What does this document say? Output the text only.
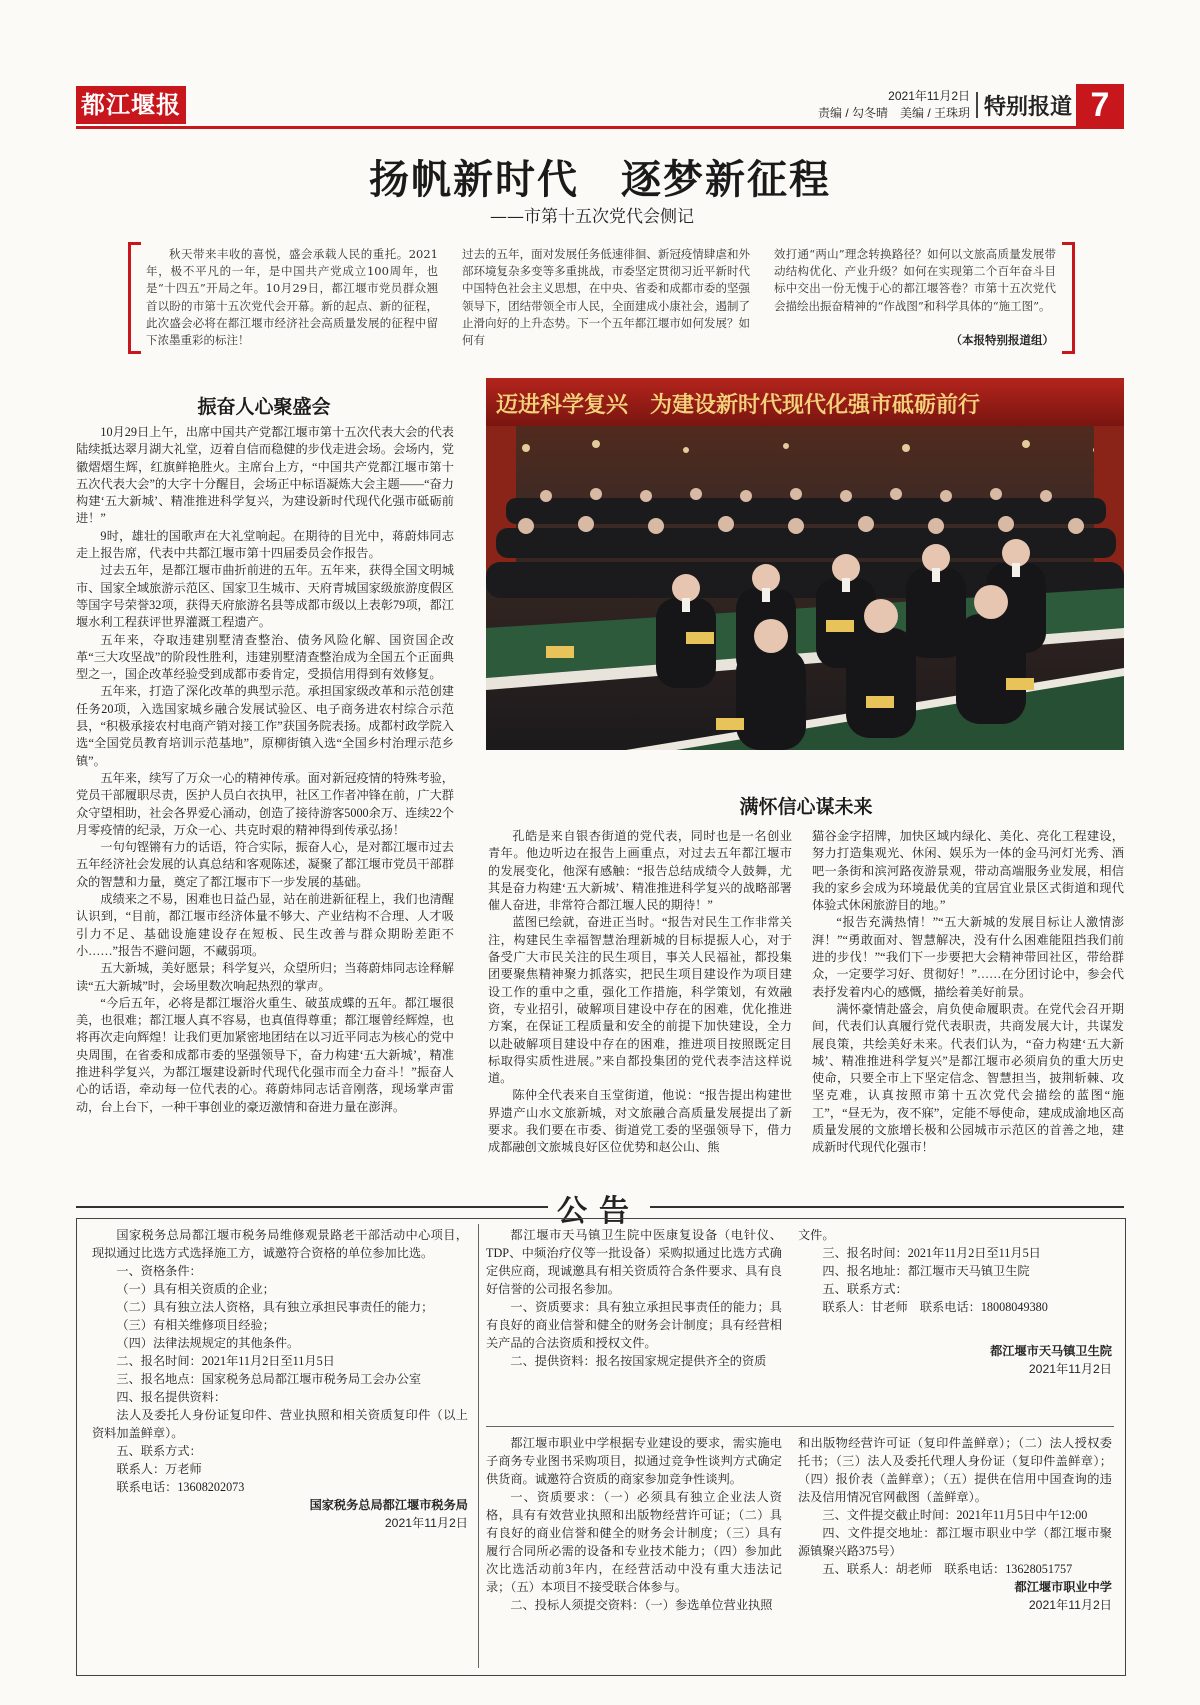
都江堰报	2021年11月2日
责编 / 勾冬晴　美编 / 王珠玥 特别报道 7
扬帆新时代　逐梦新征程
——市第十五次党代会侧记
秋天带来丰收的喜悦，盛会承载人民的重托。2021年，极不平凡的一年，是中国共产党成立100周年，也是“十四五”开局之年。10月29日，都江堰市党员群众翘首以盼的市第十五次党代会开幕。新的起点、新的征程，此次盛会必将在都江堰市经济社会高质量发展的征程中留下浓墨重彩的标注！
过去的五年，面对发展任务低速徘徊、新冠疫情肆虐和外部环境复杂多变等多重挑战，市委坚定贯彻习近平新时代中国特色社会主义思想，在中央、省委和成都市委的坚强领导下，团结带领全市人民，全面建成小康社会，遏制了止滑向好的上升态势。下一个五年都江堰市如何发展？如何有
效打通“两山”理念转换路径？如何以文旅高质量发展带动结构优化、产业升级？如何在实现第二个百年奋斗目标中交出一份无愧于心的都江堰答卷？市第十五次党代会描绘出振奋精神的“作战图”和科学具体的“施工图”。
（本报特别报道组）
振奋人心聚盛会

10月29日上午，出席中国共产党都江堰市第十五次代表大会的代表陆续抵达翠月湖大礼堂，迈着自信而稳健的步伐走进会场。会场内，党徽熠熠生辉，红旗鲜艳胜火。主席台上方，“中国共产党都江堰市第十五次代表大会”的大字十分醒目，会场正中标语凝炼大会主题——“奋力构建‘五大新城’、精准推进科学复兴，为建设新时代现代化强市砥砺前进！”

9时，雄壮的国歌声在大礼堂响起。在期待的目光中，蒋蔚炜同志走上报告席，代表中共都江堰市第十四届委员会作报告。

过去五年，是都江堰市曲折前进的五年。五年来，获得全国文明城市、国家全域旅游示范区、国家卫生城市、天府青城国家级旅游度假区等国字号荣誉32项，获得天府旅游名县等成都市级以上表彰79项，都江堰水利工程获评世界灌溉工程遗产。

五年来，夺取违建别墅清查整治、债务风险化解、国资国企改革“三大攻坚战”的阶段性胜利，违建别墅清查整治成为全国五个正面典型之一，国企改革经验受到成都市委肯定，受损信用得到有效修复。

五年来，打造了深化改革的典型示范。承担国家级改革和示范创建任务20项，入选国家城乡融合发展试验区、电子商务进农村综合示范县，“积极承接农村电商产销对接工作”获国务院表扬。成都村政学院入选“全国党员教育培训示范基地”，原柳街镇入选“全国乡村治理示范乡镇”。

五年来，续写了万众一心的精神传承。面对新冠疫情的特殊考验，党员干部履职尽责，医护人员白衣执甲，社区工作者冲锋在前，广大群众守望相助，社会各界爱心涌动，创造了接待游客5000余万、连续22个月零疫情的纪录，万众一心、共克时艰的精神得到传承弘扬！

一句句铿锵有力的话语，符合实际，振奋人心，是对都江堰市过去五年经济社会发展的认真总结和客观陈述，凝聚了都江堰市党员干部群众的智慧和力量，奠定了都江堰市下一步发展的基础。

成绩来之不易，困难也日益凸显，站在前进新征程上，我们也清醒认识到，“目前，都江堰市经济体量不够大、产业结构不合理、人才吸引力不足、基础设施建设存在短板、民生改善与群众期盼差距不小……”报告不避问题，不藏弱项。

五大新城，美好愿景；科学复兴，众望所归；当蒋蔚炜同志诠释解读“五大新城”时，会场里数次响起热烈的掌声。

“今后五年，必将是都江堰浴火重生、破茧成蝶的五年。都江堰很美，也很难；都江堰人真不容易，也真值得尊重；都江堰曾经辉煌，也将再次走向辉煌！让我们更加紧密地团结在以习近平同志为核心的党中央周围，在省委和成都市委的坚强领导下，奋力构建‘五大新城’，精准推进科学复兴，为都江堰建设新时代现代化强市而全力奋斗！”振奋人心的话语，牵动每一位代表的心。蒋蔚炜同志话音刚落，现场掌声雷动，台上台下，一种干事创业的豪迈激情和奋进力量在澎湃。

迈进科学复兴　为建设新时代现代化强市砥砺前行
满怀信心谋未来

孔皓是来自银杏街道的党代表，同时也是一名创业青年。他边听边在报告上画重点，对过去五年都江堰市的发展变化，他深有感触：“报告总结成绩令人鼓舞，尤其是奋力构建‘五大新城’、精准推进科学复兴的战略部署催人奋进，非常符合都江堰人民的期待！”

蓝图已绘就，奋进正当时。“报告对民生工作非常关注，构建民生幸福智慧治理新城的目标提振人心，对于备受广大市民关注的民生项目，事关人民福祉，都投集团要聚焦精神聚力抓落实，把民生项目建设作为项目建设工作的重中之重，强化工作措施，科学策划，有效融资，专业招引，破解项目建设中存在的困难，优化推进方案，在保证工程质量和安全的前提下加快建设，全力以赴破解项目建设中存在的困难，推进项目按照既定目标取得实质性进展。”来自都投集团的党代表李洁这样说道。

陈仲全代表来自玉堂街道，他说：“报告提出构建世界遗产山水文旅新城，对文旅融合高质量发展提出了新要求。我们要在市委、街道党工委的坚强领导下，借力成都融创文旅城良好区位优势和赵公山、熊

猫谷金字招牌，加快区域内绿化、美化、亮化工程建设，努力打造集观光、休闲、娱乐为一体的金马河灯光秀、酒吧一条街和滨河路夜游景观，带动高端服务业发展，相信我的家乡会成为环境最优美的宜居宜业景区式街道和现代体验式休闲旅游目的地。”

“报告充满热情！”“五大新城的发展目标让人激情澎湃！”“勇敢面对、智慧解决，没有什么困难能阻挡我们前进的步伐！”“我们下一步要把大会精神带回社区，带给群众，一定要学习好、贯彻好！”……在分团讨论中，参会代表抒发着内心的感慨，描绘着美好前景。

满怀豪情赴盛会，肩负使命履职责。在党代会召开期间，代表们认真履行党代表职责，共商发展大计，共谋发展良策，共绘美好未来。代表们认为，“奋力构建‘五大新城’、精准推进科学复兴”是都江堰市必须肩负的重大历史使命，只要全市上下坚定信念、智慧担当，披荆斩棘、攻坚克难，认真按照市第十五次党代会描绘的蓝图“施工”，“昼无为，夜不寐”，定能不辱使命，建成成渝地区高质量发展的文旅增长极和公园城市示范区的首善之地，建成新时代现代化强市！

公告

国家税务总局都江堰市税务局维修观景路老干部活动中心项目，现拟通过比选方式选择施工方，诚邀符合资格的单位参加比选。

一、资格条件：

（一）具有相关资质的企业；

（二）具有独立法人资格，具有独立承担民事责任的能力；

（三）有相关维修项目经验；

（四）法律法规规定的其他条件。

二、报名时间：2021年11月2日至11月5日

三、报名地点：国家税务总局都江堰市税务局工会办公室

四、报名提供资料：

法人及委托人身份证复印件、营业执照和相关资质复印件（以上资料加盖鲜章）。

五、联系方式：

联系人：万老师

联系电话：13608202073

国家税务总局都江堰市税务局

2021年11月2日

都江堰市天马镇卫生院中医康复设备（电针仪、TDP、中频治疗仪等一批设备）采购拟通过比选方式确定供应商，现诚邀具有相关资质符合条件要求、具有良好信誉的公司报名参加。

一、资质要求：具有独立承担民事责任的能力；具有良好的商业信誉和健全的财务会计制度；具有经营相关产品的合法资质和授权文件。

二、提供资料：报名按国家规定提供齐全的资质

文件。

三、报名时间：2021年11月2日至11月5日

四、报名地址：都江堰市天马镇卫生院

五、联系方式：

联系人：甘老师　联系电话：18008049380

都江堰市天马镇卫生院

2021年11月2日

都江堰市职业中学根据专业建设的要求，需实施电子商务专业图书采购项目，拟通过竞争性谈判方式确定供货商。诚邀符合资质的商家参加竞争性谈判。

一、资质要求：（一）必须具有独立企业法人资格，具有有效营业执照和出版物经营许可证；（二）具有良好的商业信誉和健全的财务会计制度；（三）具有履行合同所必需的设备和专业技术能力；（四）参加此次比选活动前3年内，在经营活动中没有重大违法记录；（五）本项目不接受联合体参与。

二、投标人须提交资料：（一）参选单位营业执照

和出版物经营许可证（复印件盖鲜章）；（二）法人授权委托书；（三）法人及委托代理人身份证（复印件盖鲜章）；（四）报价表（盖鲜章）；（五）提供在信用中国查询的违法及信用情况官网截图（盖鲜章）。

三、文件提交截止时间：2021年11月5日中午12:00

四、文件提交地址：都江堰市职业中学（都江堰市聚源镇聚兴路375号）

五、联系人：胡老师　联系电话：13628051757

都江堰市职业中学

2021年11月2日
